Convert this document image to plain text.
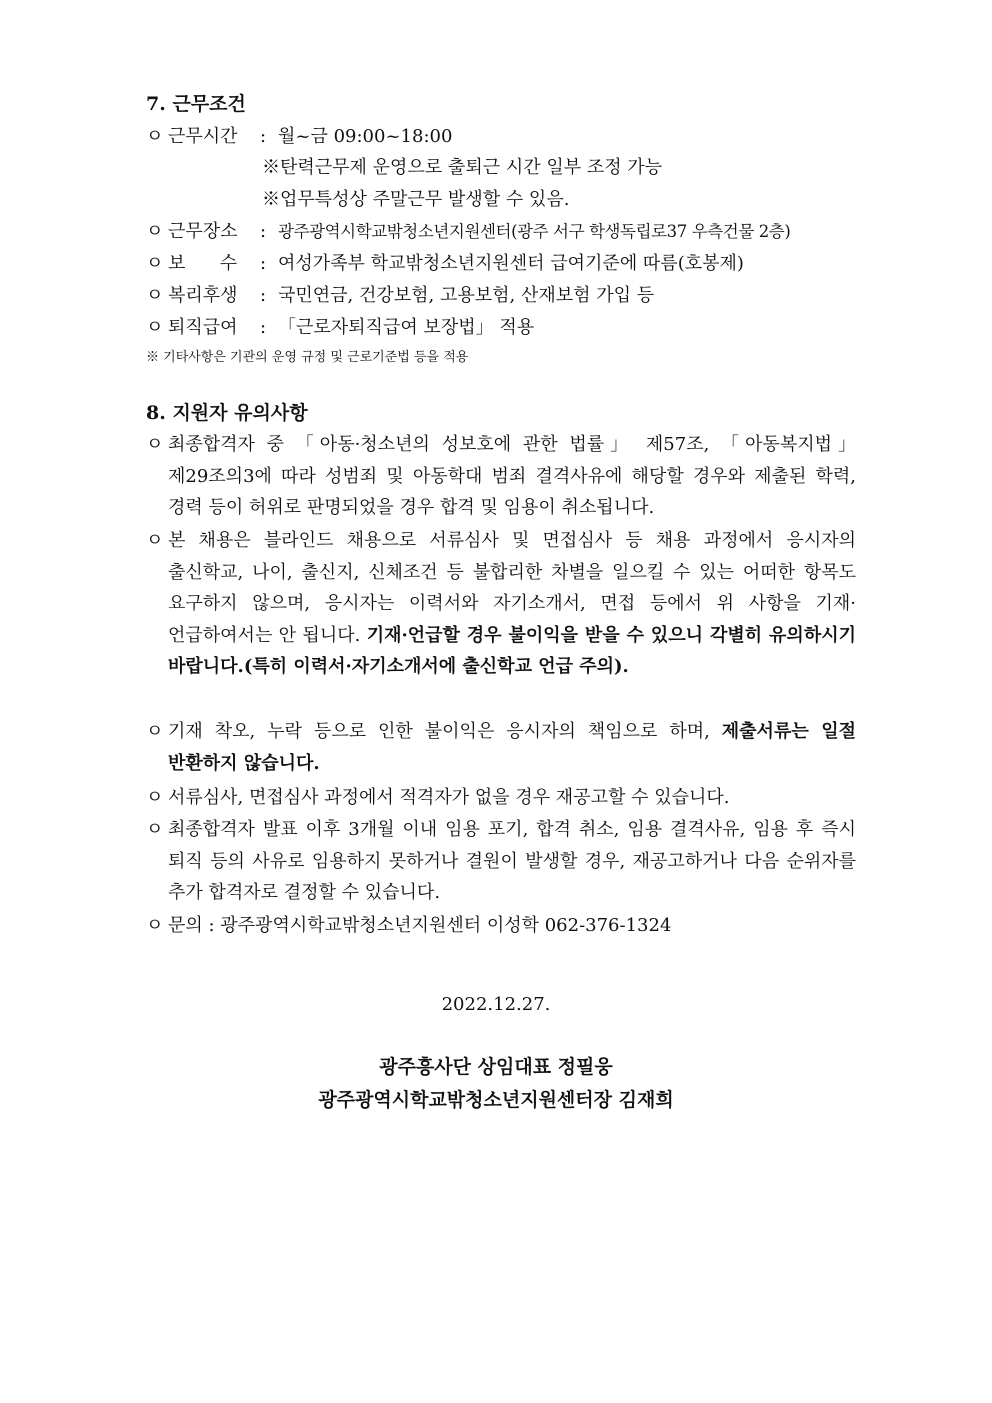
7. 근무조건
ㅇ 근무시간 : 월~금 09:00~18:00
※탄력근무제 운영으로 출퇴근 시간 일부 조정 가능
※업무특성상 주말근무 발생할 수 있음.
ㅇ 근무장소 : 광주광역시학교밖청소년지원센터(광주 서구 학생독립로37 우측건물 2층)
ㅇ 보      수 : 여성가족부 학교밖청소년지원센터 급여기준에 따름(호봉제)
ㅇ 복리후생 : 국민연금, 건강보험, 고용보험, 산재보험 가입 등
ㅇ 퇴직급여 : 「근로자퇴직급여 보장법」 적용
※ 기타사항은 기관의 운영 규정 및 근로기준법 등을 적용
8. 지원자 유의사항
ㅇ 최종합격자 중 「아동·청소년의 성보호에 관한 법률」 제57조, 「아동복지법」 제29조의3에 따라 성범죄 및 아동학대 범죄 결격사유에 해당할 경우와 제출된 학력, 경력 등이 허위로 판명되었을 경우 합격 및 임용이 취소됩니다.
ㅇ 본 채용은 블라인드 채용으로 서류심사 및 면접심사 등 채용 과정에서 응시자의 출신학교, 나이, 출신지, 신체조건 등 불합리한 차별을 일으킬 수 있는 어떠한 항목도 요구하지 않으며, 응시자는 이력서와 자기소개서, 면접 등에서 위 사항을 기재·언급하여서는 안 됩니다. 기재·언급할 경우 불이익을 받을 수 있으니 각별히 유의하시기 바랍니다.(특히 이력서·자기소개서에 출신학교 언급 주의).
ㅇ 기재 착오, 누락 등으로 인한 불이익은 응시자의 책임으로 하며, 제출서류는 일절 반환하지 않습니다.
ㅇ 서류심사, 면접심사 과정에서 적격자가 없을 경우 재공고할 수 있습니다.
ㅇ 최종합격자 발표 이후 3개월 이내 임용 포기, 합격 취소, 임용 결격사유, 임용 후 즉시 퇴직 등의 사유로 임용하지 못하거나 결원이 발생할 경우, 재공고하거나 다음 순위자를 추가 합격자로 결정할 수 있습니다.
ㅇ 문의 : 광주광역시학교밖청소년지원센터 이성학 062-376-1324
2022.12.27.
광주흥사단 상임대표 정필웅
광주광역시학교밖청소년지원센터장 김재희
